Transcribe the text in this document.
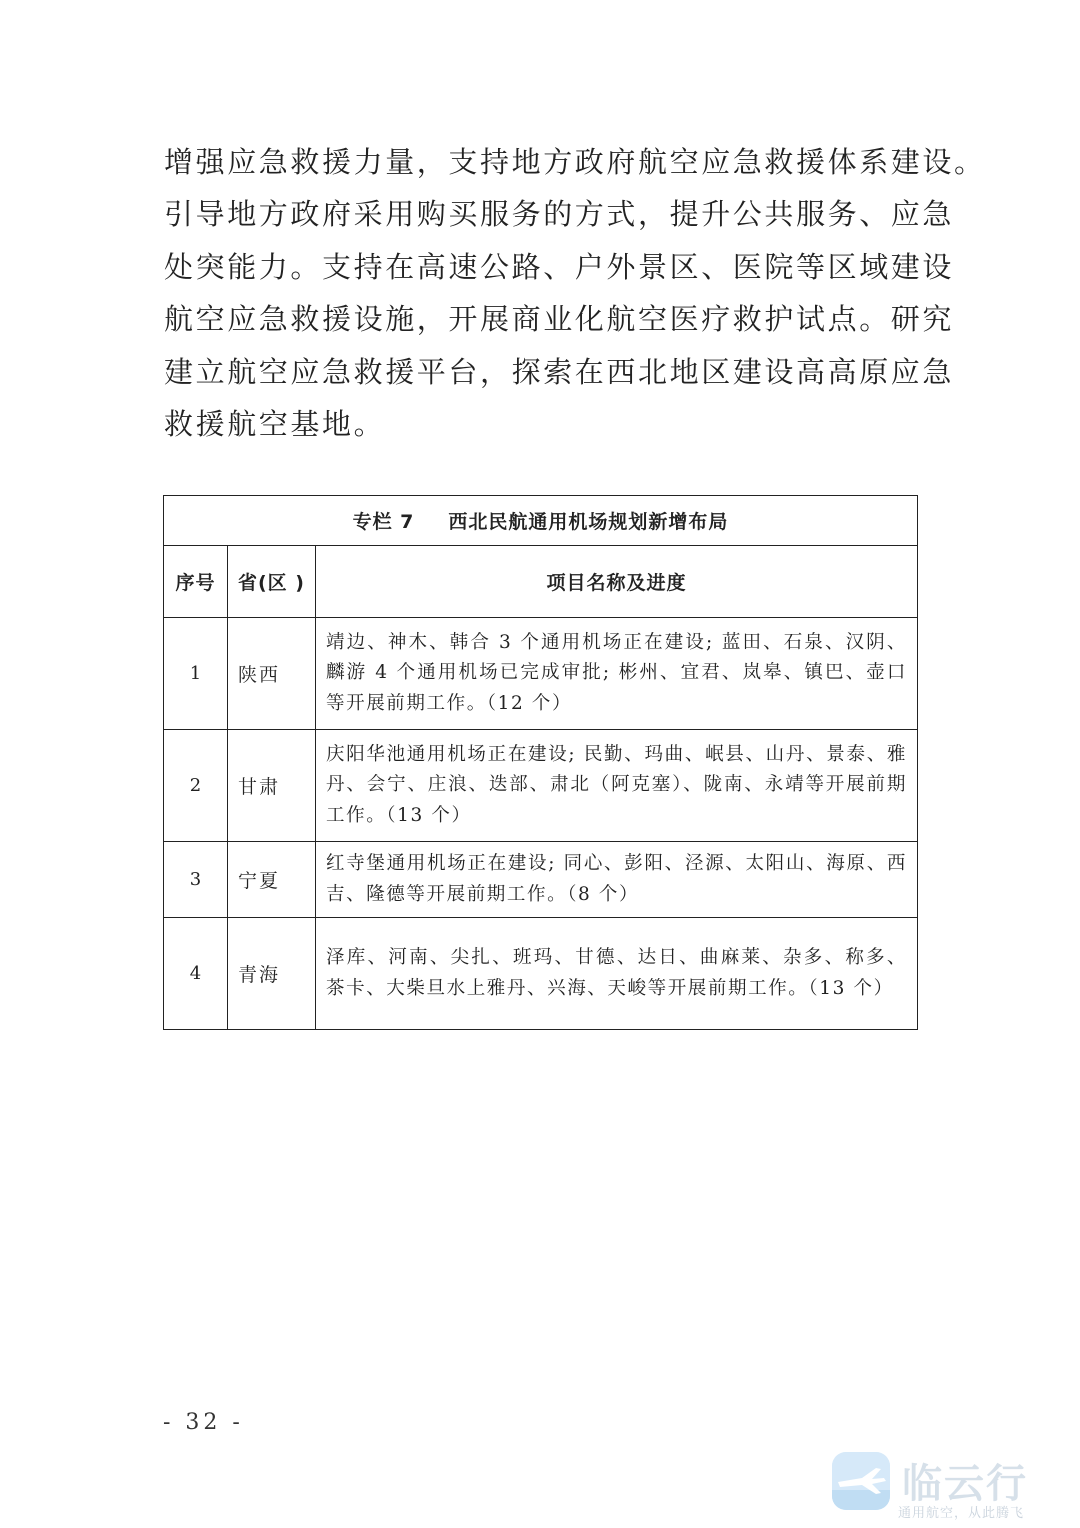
增强应急救援力量，支持地方政府航空应急救援体系建设。
引导地方政府采用购买服务的方式，提升公共服务、应急
处突能力。支持在高速公路、户外景区、医院等区域建设
航空应急救援设施，开展商业化航空医疗救护试点。研究
建立航空应急救援平台，探索在西北地区建设高高原应急
救援航空基地。
专栏 7 西北民航通用机场规划新增布局		
序号	省(区 )	项目名称及进度
1	陕西	靖边、神木、韩合 3 个通用机场正在建设; 蓝田、石泉、汉阴、麟游 4 个通用机场已完成审批; 彬州、宜君、岚皋、镇巴、壶口等开展前期工作。（12 个）
2	甘肃	庆阳华池通用机场正在建设; 民勤、玛曲、岷县、山丹、景泰、雅丹、会宁、庄浪、迭部、肃北（阿克塞）、陇南、永靖等开展前期工作。（13 个）
3	宁夏	红寺堡通用机场正在建设; 同心、彭阳、泾源、太阳山、海原、西吉、隆德等开展前期工作。（8 个）
4	青海	泽库、河南、尖扎、班玛、甘德、达日、曲麻莱、杂多、称多、茶卡、大柴旦水上雅丹、兴海、天峻等开展前期工作。（13 个）
- 32 -
临云行
通用航空，从此腾飞
